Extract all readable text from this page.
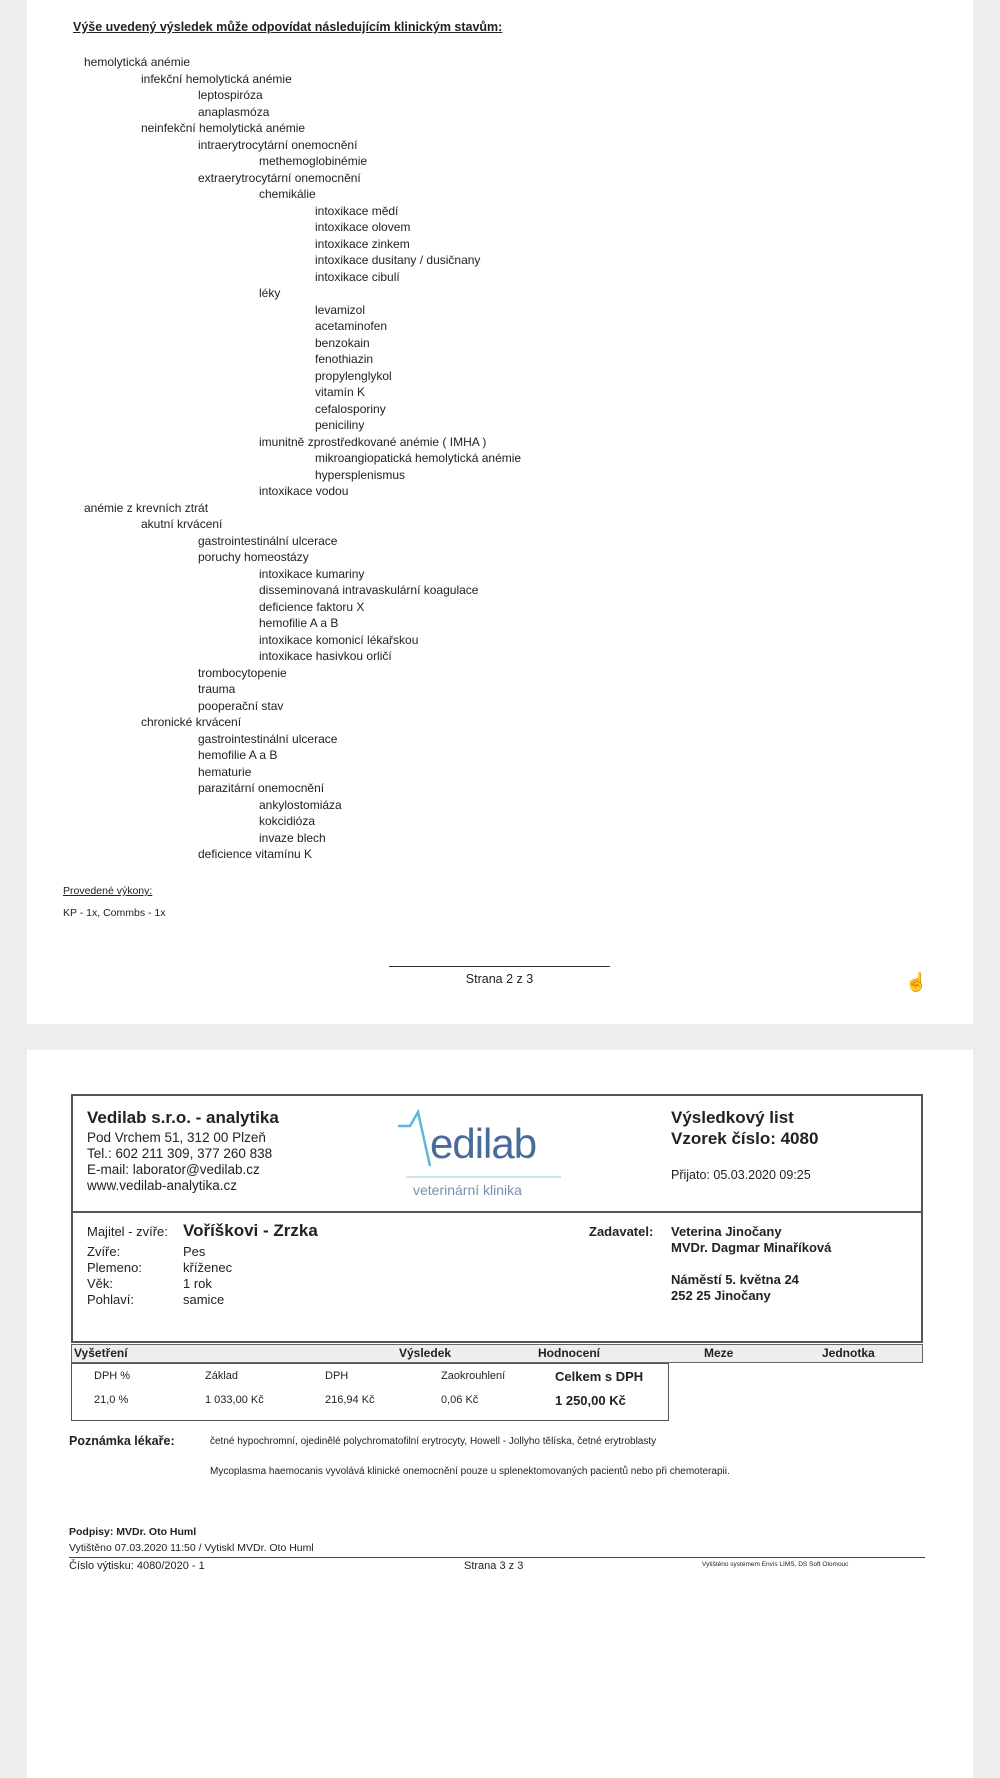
Výše uvedený výsledek může odpovídat následujícím klinickým stavům:
hemolytická anémie
infekční hemolytická anémie
leptospiróza
anaplasmóza
neinfekční hemolytická anémie
intraerytrocytární onemocnění
methemoglobinémie
extraerytrocytární onemocnění
chemikálie
intoxikace mědí
intoxikace olovem
intoxikace zinkem
intoxikace dusitany / dusičnany
intoxikace cibulí
léky
levamizol
acetaminofen
benzokain
fenothiazin
propylenglykol
vitamín K
cefalosporiny
peniciliny
imunitně zprostředkované anémie ( IMHA )
mikroangiopatická hemolytická anémie
hypersplenismus
intoxikace vodou
anémie z krevních ztrát
akutní krvácení
gastrointestinální ulcerace
poruchy homeostázy
intoxikace kumariny
disseminovaná intravaskulární koagulace
deficience faktoru X
hemofilie A a B
intoxikace komonicí lékařskou
intoxikace hasivkou orličí
trombocytopenie
trauma
pooperační stav
chronické krvácení
gastrointestinální ulcerace
hemofilie A a B
hematurie
parazitární onemocnění
ankylostomiáza
kokcidióza
invaze blech
deficience vitamínu K
Provedené výkony:
KP - 1x, Commbs - 1x
Strana 2 z 3	☝
Vedilab s.r.o. - analytika
Pod Vrchem 51, 312 00 Plzeň
Tel.: 602 211 309, 377 260 838
E-mail: laborator@vedilab.cz
www.vedilab-analytika.cz
edilab
veterinární klinika
Výsledkový list
Vzorek číslo: 4080
Přijato: 05.03.2020 09:25
Majitel - zvíře: Voříškovi - Zrzka
Zvíře:	Pes
Plemeno:	kříženec
Věk:	1 rok
Pohlaví:	samice
Zadavatel: Veterina Jinočany
MVDr. Dagmar Minaříková
Náměstí 5. května 24
252 25 Jinočany
Vyšetření	Výsledek	Hodnocení	Meze	Jednotka
DPH %	Základ	DPH	Zaokrouhlení	Celkem s DPH
21,0 %	1 033,00 Kč	216,94 Kč	0,06 Kč	1 250,00 Kč
Poznámka lékaře:	četné hypochromní, ojedinělé polychromatofilní erytrocyty, Howell - Jollyho tělíska, četné erytroblasty
Mycoplasma haemocanis vyvolává klinické onemocnění pouze u splenektomovaných pacientů nebo při chemoterapii.
Podpisy: MVDr. Oto Huml
Vytištěno 07.03.2020 11:50 / Vytiskl MVDr. Oto Huml
Číslo výtisku: 4080/2020 - 1	Strana 3 z 3	Vytištěno systémem Envis LIMS, DS Soft Olomouc
